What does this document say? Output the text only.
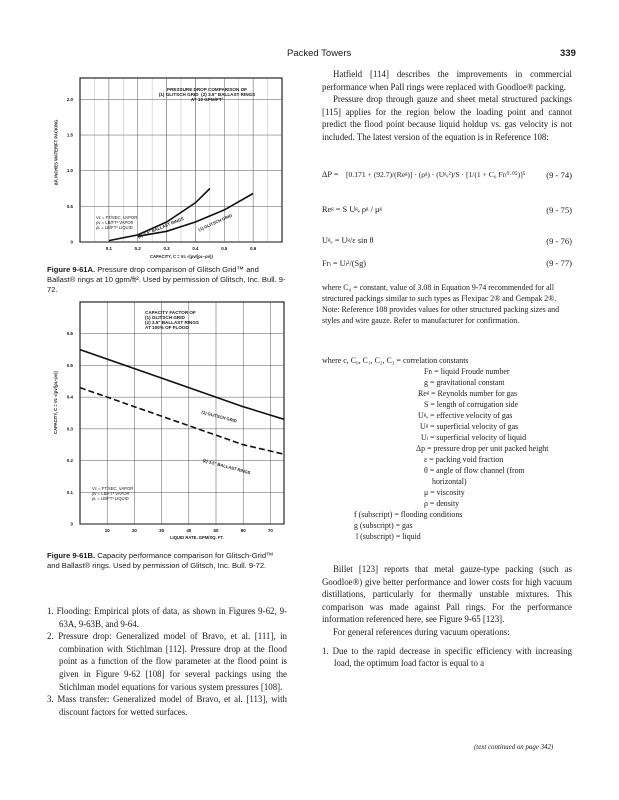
Packed Towers	339
0.1	0.2	0.3	0.4	0.5	0.6
0
0.5
1.0
1.5
2.0
PRESSURE DROP COMPARISON OF
(1) GLITSCH GRID  (2) 3.5" BALLAST RINGS
AT 10 GPM/FT²
Vᴄ = FT/SEC, VAPOR
ρᴠ = LB/FT³ VAPOR
ρʟ = LB/FT³ LIQUID
ΔP, INCHES WATER/FT PACKING
CAPACITY, C = Vᴄ √(ρᴠ/(ρʟ−ρᴠ))
(2) 3.5" BALLAST RINGS	(1) GLITSCH GRID
Figure 9-61A. Pressure drop comparison of Glitsch Grid™ and Ballast® rings at 10 gpm/ft². Used by permission of Glitsch, Inc. Bull. 9-72.
10	20	30	40	50	60	70
0
0.1
0.2
0.3
0.4
0.5
0.6
CAPACITY FACTOR OF
(1) GLITSCH GRID
(2) 3.5" BALLAST RINGS
AT 100% OF FLOOD
Vᴄ = FT/SEC, VAPOR
ρᴠ = LB/FT³ VAPOR
ρʟ = LB/FT³ LIQUID
CAPACITY, C = Vᴄ √(ρᴠ/(ρʟ−ρᴠ))
LIQUID RATE, GPM/SQ. FT.
(1) GLITSCH GRID
(2) 3.5" BALLAST RINGS
Figure 9-61B. Capacity performance comparison for Glitsch-Grid™ and Ballast® rings. Used by permission of Glitsch, Inc. Bull. 9-72.
1. Flooding: Empirical plots of data, as shown in Figures 9-62, 9-63A, 9-63B, and 9-64.
2. Pressure drop: Generalized model of Bravo, et al. [111], in combination with Stichlman [112]. Pressure drop at the flood point as a function of the flow parameter at the flood point is given in Figure 9-62 [108] for several packings using the Stichlman model equations for various system pressures [108].
3. Mass transfer: Generalized model of Bravo, et al. [113], with discount factors for wetted surfaces.

Hatfield [114] describes the improvements in commercial performance when Pall rings were replaced with Goodloe® packing.

Pressure drop through gauze and sheet metal structured packings [115] applies for the region below the loading point and cannot predict the flood point because liquid holdup vs. gas velocity is not included. The latest version of the equation is in Reference 108:

ΔP = [0.171 + (92.7)/(Reᵍ)] · (ρᵍ) · (Uᵍₑ²)/S · [1/(1 + C₀ Frₗ⁰·⁰⁵)]⁵ (9 - 74)
Reᵍ = S Uᵍₑ ρᵍ / μᵍ	(9 - 75)
Uᵍₑ = Uᵍ/ε sin θ	(9 - 76)
Frₗ = Uₗ²/(Sg)	(9 - 77)
where C₀ = constant, value of 3.08 in Equation 9-74 recommended for all structured packings similar to such types as Flexipac 2® and Gempak 2®. Note: Reference 108 provides values for other structured packing sizes and styles and wire gauze. Refer to manufacturer for confirmation.
where c, C₀, C₁, C₂, C₃ = correlation constants
Frₗ = liquid Froude number
g = gravitational constant
Reᵍ = Reynolds number for gas
S = length of corrugation side
Uᵍₑ = effective velocity of gas
Uᵍ = superficial velocity of gas
Uₗ = superficial velocity of liquid
Δp = pressure drop per unit packed height
ε = packing void fraction
θ = angle of flow channel (from
horizontal)
μ = viscosity
ρ = density
f (subscript) = flooding conditions
g (subscript) = gas
l (subscript) = liquid

Billet [123] reports that metal gauze-type packing (such as Goodloe®) give better performance and lower costs for high vacuum distillations, particularly for thermally unstable mixtures. This comparison was made against Pall rings. For the performance information referenced here, see Figure 9-65 [123].

For general references during vacuum operations:

1. Due to the rapid decrease in specific efficiency with increasing load, the optimum load factor is equal to a

(text continued on page 342)
